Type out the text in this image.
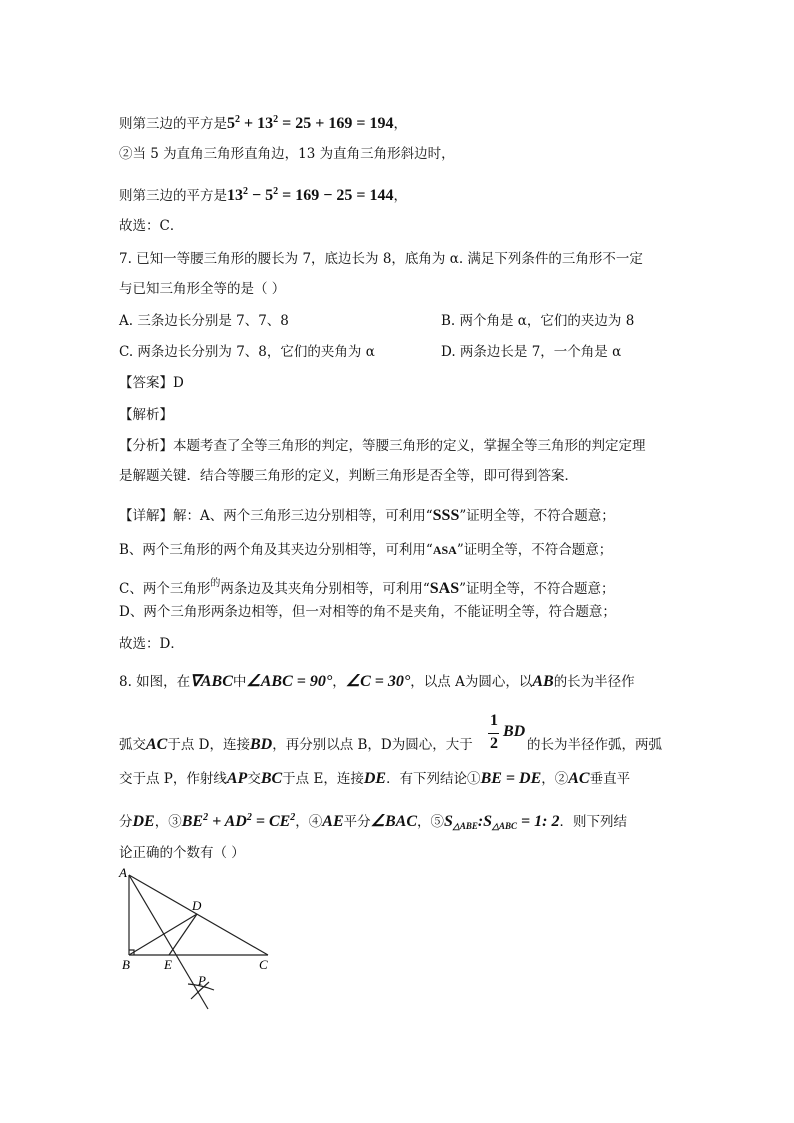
则第三边的平方是$5^2 + 13^2 = 25 + 169 = 194$，
②当 5 为直角三角形直角边，13 为直角三角形斜边时，
则第三边的平方是$13^2 - 5^2 = 169 - 25 = 144$，
故选：C．
7. 已知一等腰三角形的腰长为 7，底边长为 8，底角为 α. 满足下列条件的三角形不一定
与已知三角形全等的是（ ）
A. 三条边长分别是 7、7、8	B. 两个角是 α，它们的夹边为 8
C. 两条边长分别为 7、8，它们的夹角为 α	D. 两条边长是 7，一个角是 α
【答案】D
【解析】
【分析】本题考查了全等三角形的判定，等腰三角形的定义，掌握全等三角形的判定定理
是解题关键．结合等腰三角形的定义，判断三角形是否全等，即可得到答案．
【详解】解：A、两个三角形三边分别相等，可利用“SSS”证明全等，不符合题意；
B、两个三角形的两个角及其夹边分别相等，可利用“ASA”证明全等，不符合题意；
C、两个三角形$^的$两条边及其夹角分别相等，可利用“SAS”证明全等，不符合题意；
D、两个三角形两条边相等，但一对相等的角不是夹角，不能证明全等，符合题意；
故选：D．
8. 如图，在∇ABC中∠ABC = 90°，∠C = 30°，以点 A为圆心，以AB的长为半径作
1
2
BD
弧交AC于点 D，连接BD，再分别以点 B，D为圆心，大于	的长为半径作弧，两弧
交于点 P，作射线AP交BC于点 E，连接DE．有下列结论①BE = DE，②AC垂直平
分DE，$③BE^2 + AD^2 = CE^2$，④AE平分∠BAC，⑤S△ABE:S△ABC = 1: 2．则下列结
论正确的个数有（ ）
A
D
B	E	C
P
